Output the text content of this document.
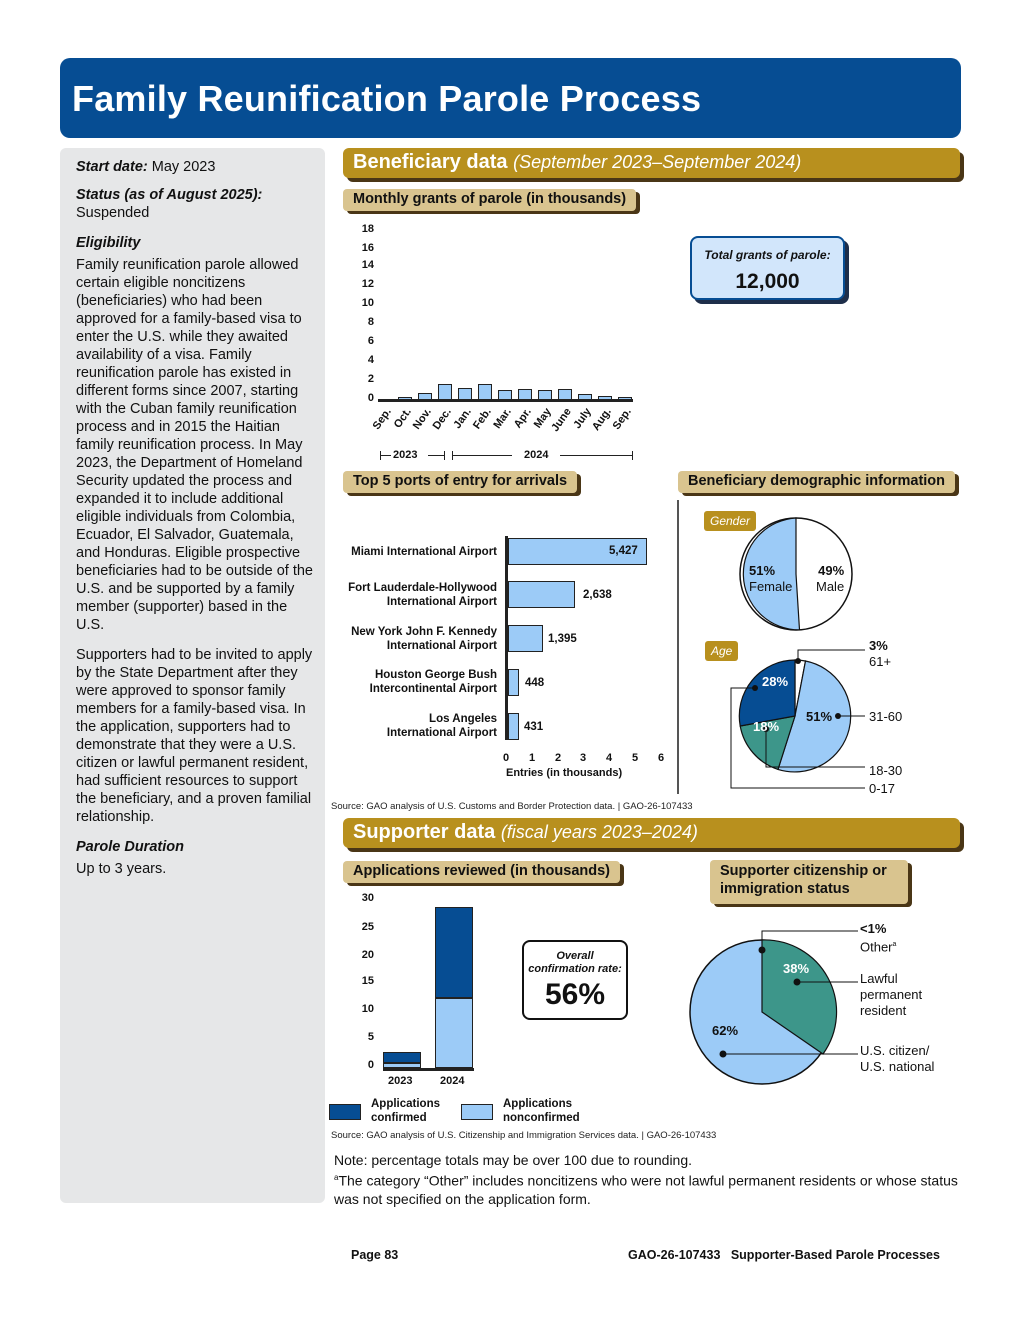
Family Reunification Parole Process

Start date: May 2023

Status (as of August 2025):
Suspended

Eligibility

Family reunification parole allowed certain eligible noncitizens (beneficiaries) who had been approved for a family-based visa to enter the U.S. while they awaited availability of a visa. Family reunification parole has existed in different forms since 2007, starting with the Cuban family reunification process and in 2015 the Haitian family reunification process. In May 2023, the Department of Homeland Security updated the process and expanded it to include additional eligible individuals from Colombia, Ecuador, El Salvador, Guatemala, and Honduras. Eligible prospective beneficiaries had to be outside of the U.S. and be supported by a family member (supporter) based in the U.S.

Supporters had to be invited to apply by the State Department after they were approved to sponsor family members for a family-based visa. In the application, supporters had to demonstrate that they were a U.S. citizen or lawful permanent resident, had sufficient resources to support the beneficiary, and a proven familial relationship.

Parole Duration

Up to 3 years.

Beneficiary data (September 2023–September 2024)
Monthly grants of parole (in thousands)
18
16
14
12
10
8
6
4
2
0
Sep.
Oct.
Nov.
Dec.
Jan.
Feb.
Mar.
Apr.
May
June
July
Aug.
Sep.
2023	2024
Total grants of parole:
12,000
Top 5 ports of entry for arrivals
Miami International Airport	5,427
Fort Lauderdale-Hollywood International Airport
2,638
New York John F. Kennedy International Airport
1,395
Houston George Bush Intercontinental Airport 448
Los Angeles International Airport 431
0 1 2 3 4 5 6
Entries (in thousands)
Beneficiary demographic information
Gender
51%
Female
49%
Male
Age
28%
51%
18%
3%
61+
31-60
18-30
0-17
Source: GAO analysis of U.S. Customs and Border Protection data. | GAO-26-107433
Supporter data (fiscal years 2023–2024)
Applications reviewed (in thousands)
30
25
20
15
10
5
0
2023	2024
Overall confirmation rate:
56%
Applications confirmed
Applications nonconfirmed
Supporter citizenship or immigration status
38%
62%
<1%
Other$^a$
Lawful permanent resident
U.S. citizen/ U.S. national
Source: GAO analysis of U.S. Citizenship and Immigration Services data. | GAO-26-107433
Note: percentage totals may be over 100 due to rounding.
$^a$The category “Other” includes noncitizens who were not lawful permanent residents or whose status was not specified on the application form.
Page 83	GAO-26-107433   Supporter-Based Parole Processes
